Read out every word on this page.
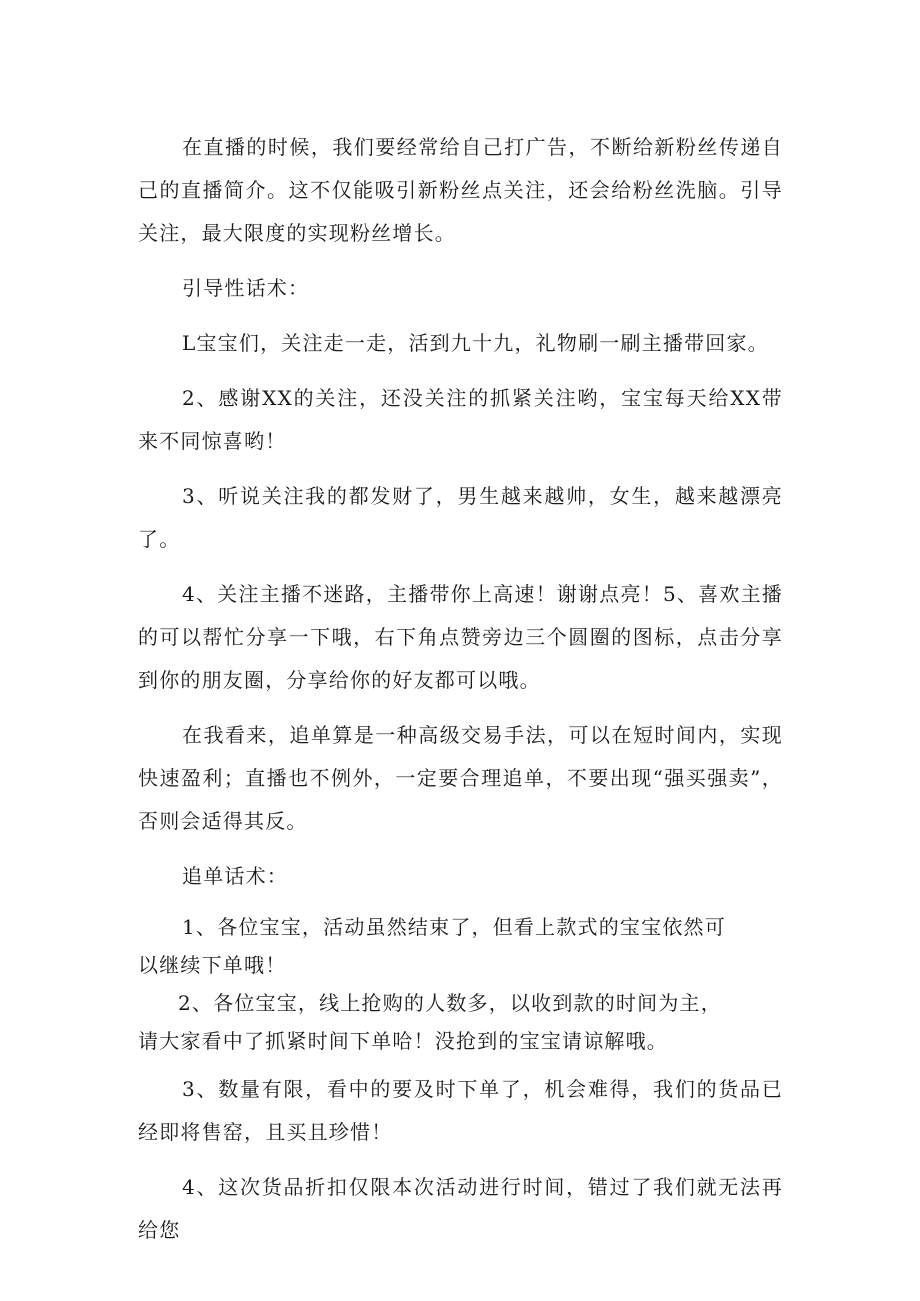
在直播的时候，我们要经常给自己打广告，不断给新粉丝传递自己的直播简介。这不仅能吸引新粉丝点关注，还会给粉丝洗脑。引导关注，最大限度的实现粉丝增长。

引导性话术：

L宝宝们，关注走一走，活到九十九，礼物刷一刷主播带回家。

2、感谢XX的关注，还没关注的抓紧关注哟，宝宝每天给XX带来不同惊喜哟！

3、听说关注我的都发财了，男生越来越帅，女生，越来越漂亮了。

4、关注主播不迷路，主播带你上高速！谢谢点亮！5、喜欢主播的可以帮忙分享一下哦，右下角点赞旁边三个圆圈的图标，点击分享到你的朋友圈，分享给你的好友都可以哦。

在我看来，追单算是一种高级交易手法，可以在短时间内，实现快速盈利；直播也不例外，一定要合理追单，不要出现“强买强卖”，否则会适得其反。

追单话术：

1、各位宝宝，活动虽然结束了，但看上款式的宝宝依然可

以继续下单哦！

2、各位宝宝，线上抢购的人数多，以收到款的时间为主，

请大家看中了抓紧时间下单哈！没抢到的宝宝请谅解哦。

3、数量有限，看中的要及时下单了，机会难得，我们的货品已经即将售窑，且买且珍惜！

4、这次货品折扣仅限本次活动进行时间，错过了我们就无法再给您
